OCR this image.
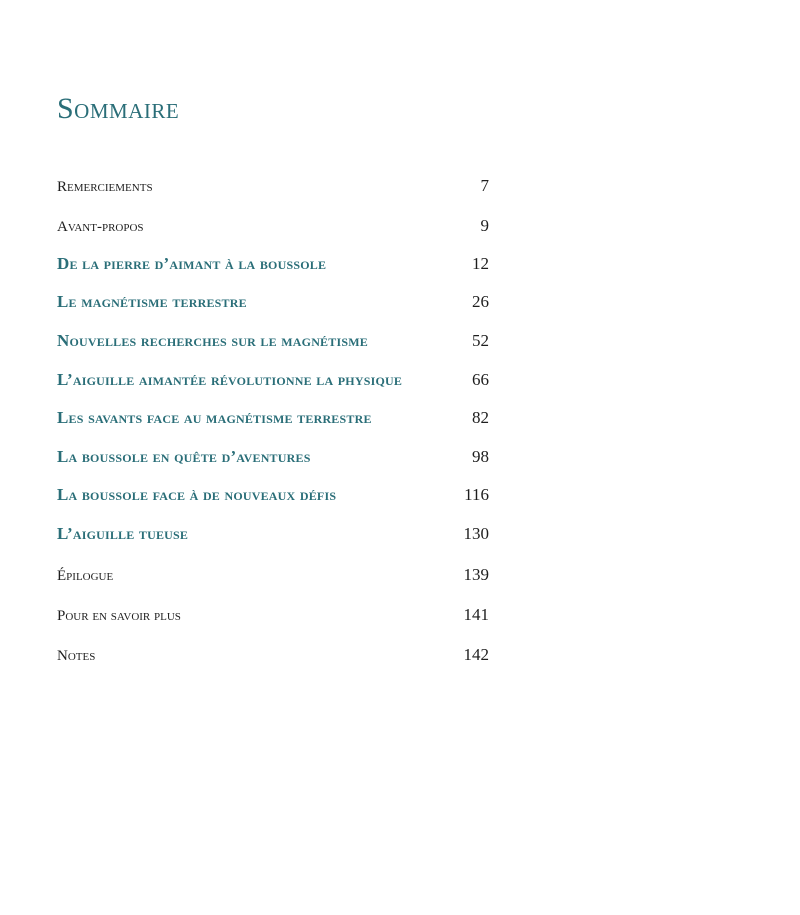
Sommaire
Remerciements	7
Avant-propos	9
De la pierre d’aimant à la boussole	12
Le magnétisme terrestre	26
Nouvelles recherches sur le magnétisme	52
L’aiguille aimantée révolutionne la physique	66
Les savants face au magnétisme terrestre	82
La boussole en quête d’aventures	98
La boussole face à de nouveaux défis	116
L’aiguille tueuse	130
Épilogue	139
Pour en savoir plus	141
Notes	142
